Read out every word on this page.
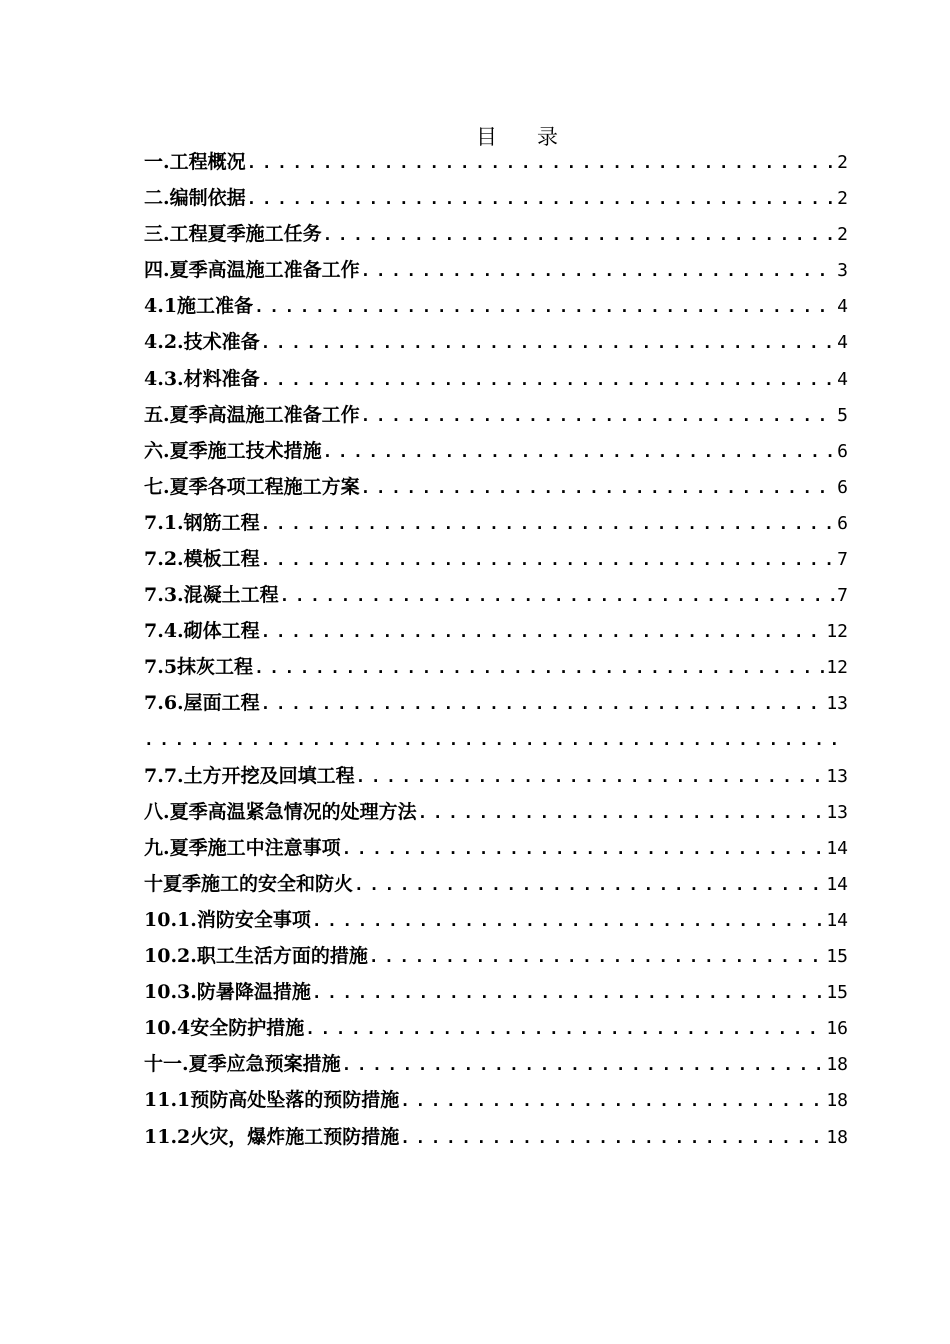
目录
一.工程概况 .....	2
二.编制依据 .....	2
三.工程夏季施工任务 .....	2
四.夏季高温施工准备工作 .....	3
4.1施工准备 .....	4
4.2.技术准备 .....	4
4.3.材料准备 .....	4
五.夏季高温施工准备工作 .....	5
六.夏季施工技术措施 .....	6
七.夏季各项工程施工方案 .....	6
7.1.钢筋工程 .....	6
7.2.模板工程 .....	7
7.3.混凝土工程 .....	7
7.4.砌体工程 .....	12
7.5抹灰工程 .....	12
7.6.屋面工程 .....	13
.....
7.7.土方开挖及回填工程 .....	13
八.夏季高温紧急情况的处理方法 .....	13
九.夏季施工中注意事项 .....	14
十夏季施工的安全和防火 .....	14
10.1.消防安全事项 .....	14
10.2.职工生活方面的措施 .....	15
10.3.防暑降温措施 .....	15
10.4安全防护措施 .....	16
十一.夏季应急预案措施 .....	18
11.1预防高处坠落的预防措施 .....	18
11.2火灾，爆炸施工预防措施 .....	18
